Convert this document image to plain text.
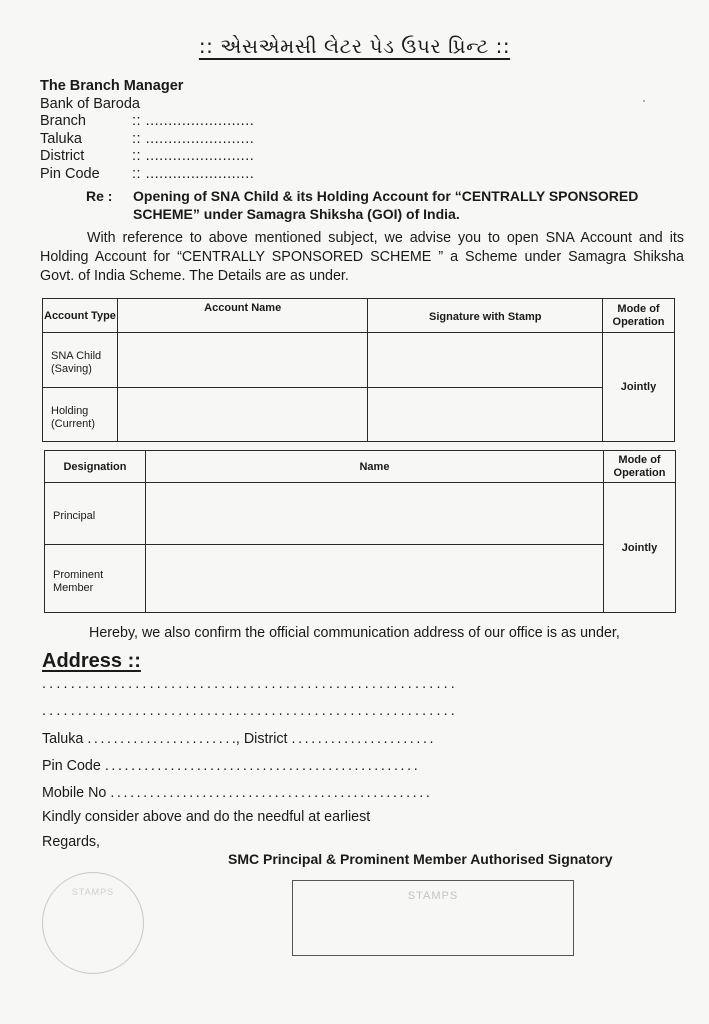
:: એસએમસી લેટર પેડ ઉપર પ્રિન્ટ ::
The Branch Manager
Bank of Baroda
Branch	:: ........................
Taluka	:: ........................
District	:: ........................
Pin Code	:: ........................
Re :	Opening of SNA Child & its Holding Account for “CENTRALLY SPONSORED SCHEME” under Samagra Shiksha (GOI) of India.
With reference to above mentioned subject, we advise you to open SNA Account and its Holding Account for “CENTRALLY SPONSORED SCHEME ” a Scheme under Samagra Shiksha Govt. of India Scheme. The Details are as under.
Account Type	Account Name	Signature with Stamp	Mode of Operation
SNA Child (Saving)			Jointly
Holding (Current)			
Designation	Name	Mode of Operation
Principal		Jointly
Prominent Member		
Hereby, we also confirm the official communication address of our office is as under,
Address ::
..........................................................
..........................................................
Taluka ......................., District ......................
Pin Code ................................................
Mobile No .................................................
Kindly consider above and do the needful at earliest
Regards,
SMC Principal & Prominent Member Authorised Signatory
STAMPS	STAMPS
